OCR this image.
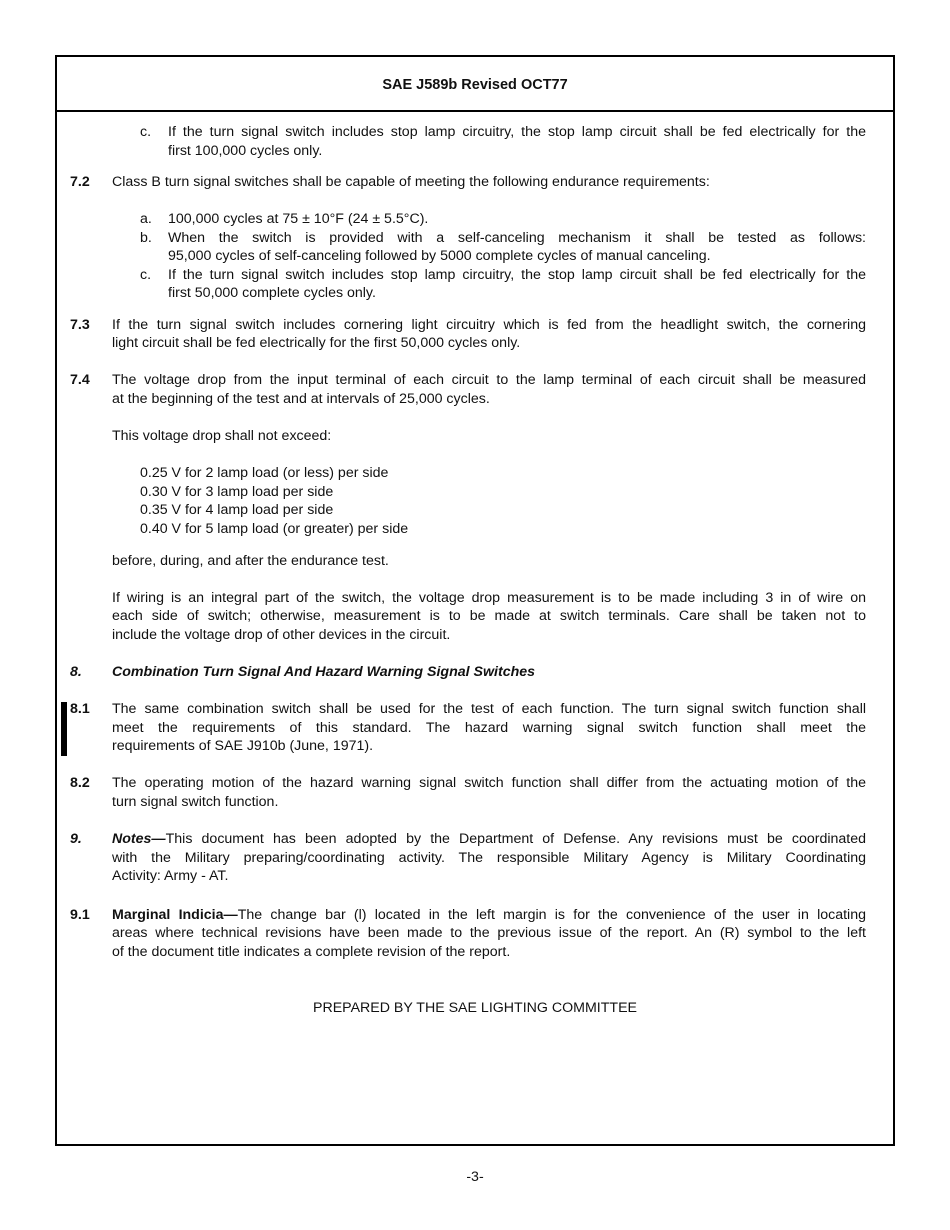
SAE J589b Revised OCT77
c. If the turn signal switch includes stop lamp circuitry, the stop lamp circuit shall be fed electrically for the
first 100,000 cycles only.
7.2 Class B turn signal switches shall be capable of meeting the following endurance requirements:
a. 100,000 cycles at 75 ± 10°F (24 ± 5.5°C).
b. When the switch is provided with a self-canceling mechanism it shall be tested as follows:
95,000 cycles of self-canceling followed by 5000 complete cycles of manual canceling.
c. If the turn signal switch includes stop lamp circuitry, the stop lamp circuit shall be fed electrically for the
first 50,000 complete cycles only.
7.3 If the turn signal switch includes cornering light circuitry which is fed from the headlight switch, the cornering
light circuit shall be fed electrically for the first 50,000 cycles only.
7.4 The voltage drop from the input terminal of each circuit to the lamp terminal of each circuit shall be measured
at the beginning of the test and at intervals of 25,000 cycles.
This voltage drop shall not exceed:
0.25 V for 2 lamp load (or less) per side
0.30 V for 3 lamp load per side
0.35 V for 4 lamp load per side
0.40 V for 5 lamp load (or greater) per side
before, during, and after the endurance test.
If wiring is an integral part of the switch, the voltage drop measurement is to be made including 3 in of wire on
each side of switch; otherwise, measurement is to be made at switch terminals. Care shall be taken not to
include the voltage drop of other devices in the circuit.
8. Combination Turn Signal And Hazard Warning Signal Switches
8.1 The same combination switch shall be used for the test of each function. The turn signal switch function shall
meet the requirements of this standard. The hazard warning signal switch function shall meet the
requirements of SAE J910b (June, 1971).
8.2 The operating motion of the hazard warning signal switch function shall differ from the actuating motion of the
turn signal switch function.
9. Notes—This document has been adopted by the Department of Defense. Any revisions must be coordinated
with the Military preparing/coordinating activity. The responsible Military Agency is Military Coordinating
Activity: Army - AT.
9.1 Marginal Indicia—The change bar (l) located in the left margin is for the convenience of the user in locating
areas where technical revisions have been made to the previous issue of the report. An (R) symbol to the left
of the document title indicates a complete revision of the report.
PREPARED BY THE SAE LIGHTING COMMITTEE
-3-
